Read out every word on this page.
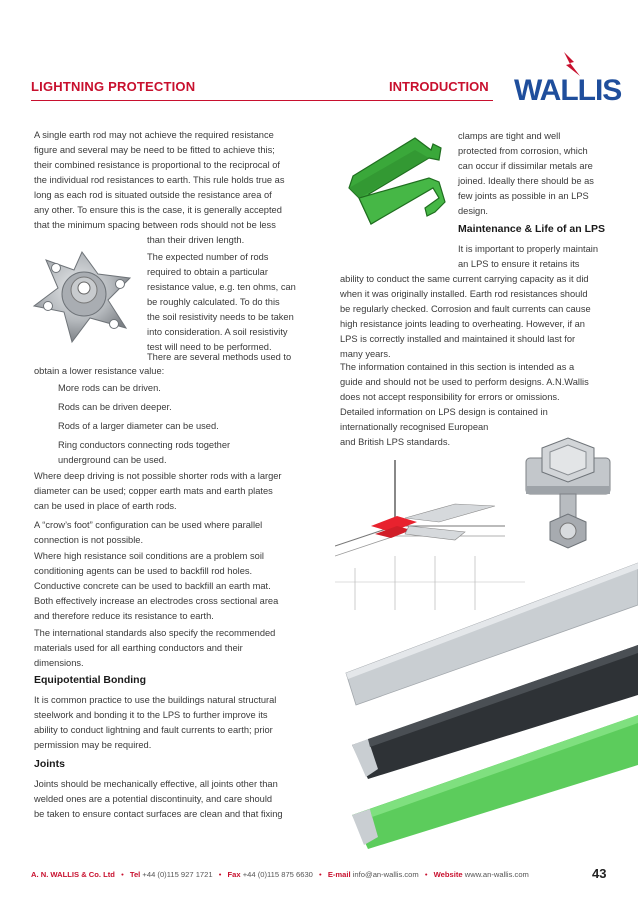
LIGHTNING PROTECTION	INTRODUCTION WALLIS
A single earth rod may not achieve the required resistance
figure and several may be need to be fitted to achieve this;
their combined resistance is proportional to the reciprocal of
the individual rod resistances to earth. This rule holds true as
long as each rod is situated outside the resistance area of
any other. To ensure this is the case, it is generally accepted
that the minimum spacing between rods should not be less
than their driven length.
The expected number of rods
required to obtain a particular
resistance value, e.g. ten ohms, can
be roughly calculated. To do this
the soil resistivity needs to be taken
into consideration. A soil resistivity
test will need to be performed.
There are several methods used to
obtain a lower resistance value:
More rods can be driven.
Rods can be driven deeper.
Rods of a larger diameter can be used.
Ring conductors connecting rods together
underground can be used.
Where deep driving is not possible shorter rods with a larger
diameter can be used; copper earth mats and earth plates
can be used in place of earth rods.
A “crow’s foot” configuration can be used where parallel
connection is not possible.
Where high resistance soil conditions are a problem soil
conditioning agents can be used to backfill rod holes.
Conductive concrete can be used to backfill an earth mat.
Both effectively increase an electrodes cross sectional area
and therefore reduce its resistance to earth.
The international standards also specify the recommended
materials used for all earthing conductors and their
dimensions.
Equipotential Bonding
It is common practice to use the buildings natural structural
steelwork and bonding it to the LPS to further improve its
ability to conduct lightning and fault currents to earth; prior
permission may be required.
Joints
Joints should be mechanically effective, all joints other than
welded ones are a potential discontinuity, and care should
be taken to ensure contact surfaces are clean and that fixing
clamps are tight and well
protected from corrosion, which
can occur if dissimilar metals are
joined. Ideally there should be as
few joints as possible in an LPS
design.
Maintenance & Life of an LPS
It is important to properly maintain
an LPS to ensure it retains its
ability to conduct the same current carrying capacity as it did
when it was originally installed. Earth rod resistances should
be regularly checked. Corrosion and fault currents can cause
high resistance joints leading to overheating. However, if an
LPS is correctly installed and maintained it should last for
many years.
The information contained in this section is intended as a
guide and should not be used to perform designs. A.N.Wallis
does not accept responsibility for errors or omissions.
Detailed information on LPS design is contained in
internationally recognised European
and British LPS standards.
A. N. WALLIS & Co. Ltd • Tel +44 (0)115 927 1721 • Fax +44 (0)115 875 6630 • E-mail info@an-wallis.com • Website www.an-wallis.com	43
